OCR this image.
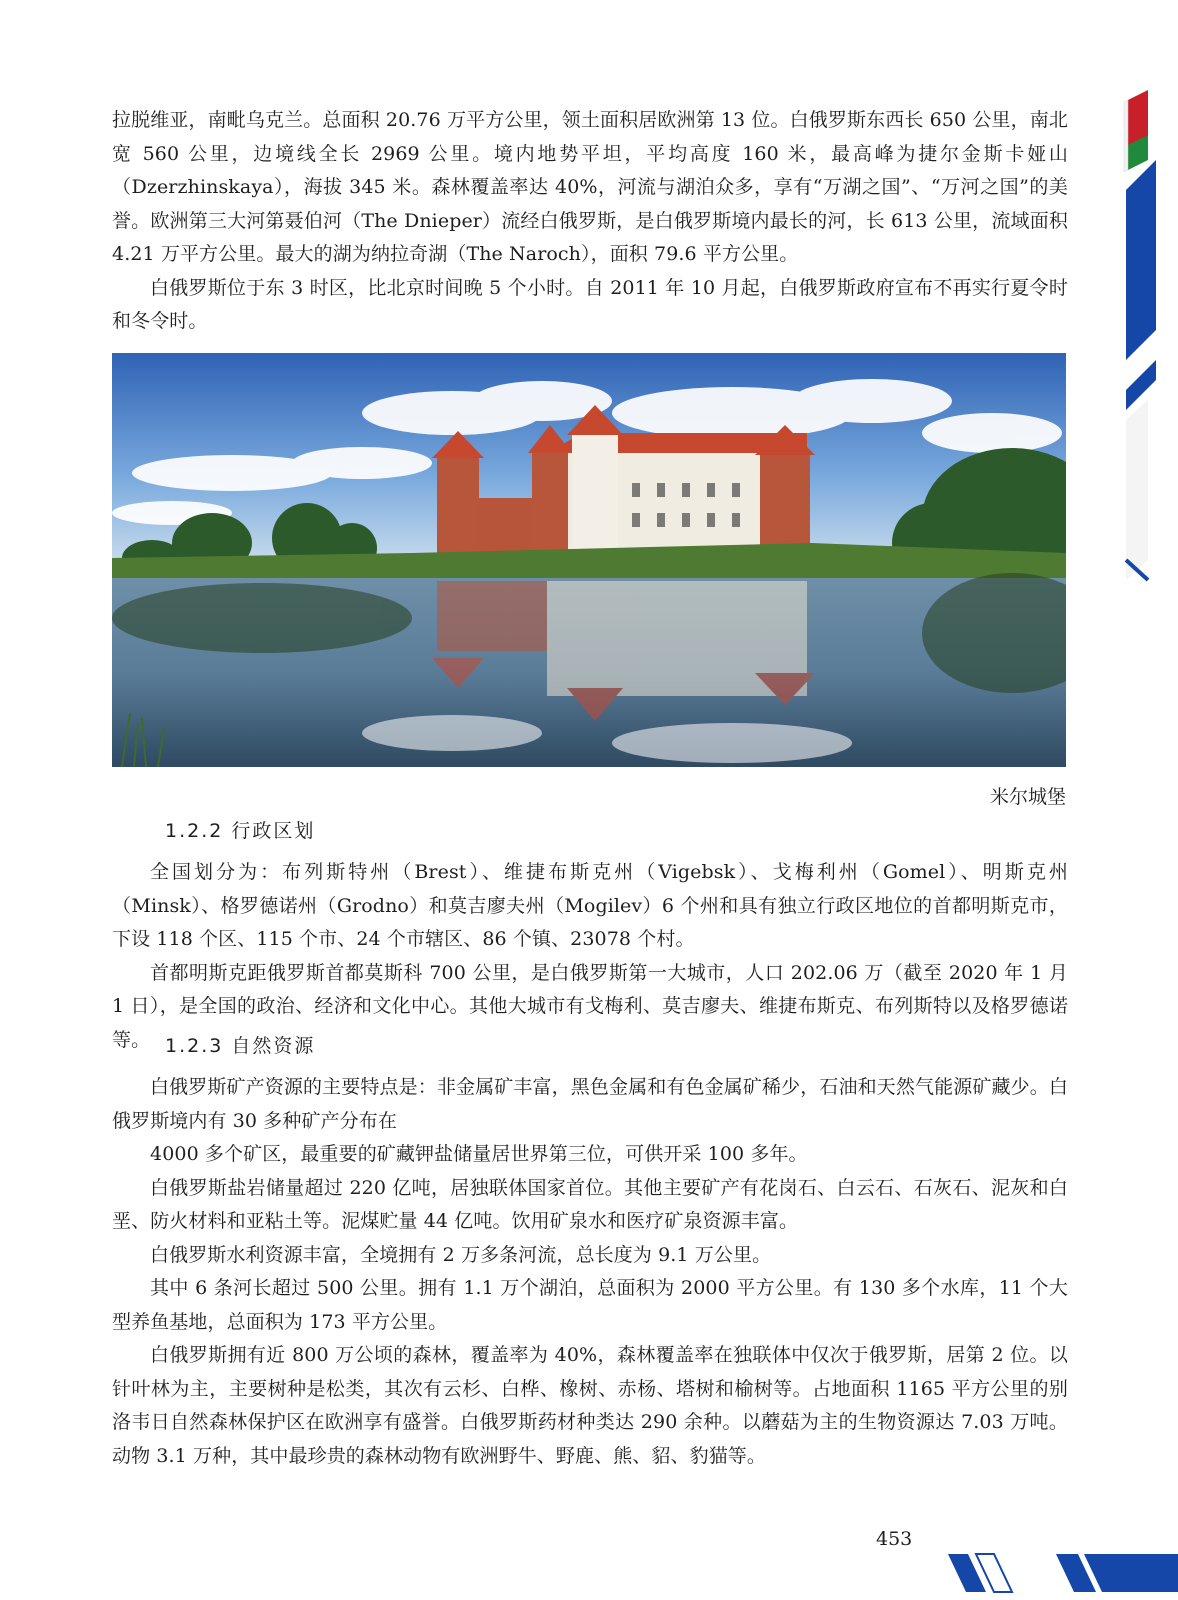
拉脱维亚，南毗乌克兰。总面积 20.76 万平方公里，领土面积居欧洲第 13 位。白俄罗斯东西长 650 公里，南北宽 560 公里，边境线全长 2969 公里。境内地势平坦，平均高度 160 米，最高峰为捷尔金斯卡娅山（Dzerzhinskaya），海拔 345 米。森林覆盖率达 40%，河流与湖泊众多，享有“万湖之国”、“万河之国”的美誉。欧洲第三大河第聂伯河（The Dnieper）流经白俄罗斯，是白俄罗斯境内最长的河，长 613 公里，流域面积 4.21 万平方公里。最大的湖为纳拉奇湖（The Naroch），面积 79.6 平方公里。

白俄罗斯位于东 3 时区，比北京时间晚 5 个小时。自 2011 年 10 月起，白俄罗斯政府宣布不再实行夏令时和冬令时。

米尔城堡
1.2.2 行政区划

全国划分为：布列斯特州（Brest）、维捷布斯克州（Vigebsk）、戈梅利州（Gomel）、明斯克州（Minsk）、格罗德诺州（Grodno）和莫吉廖夫州（Mogilev）6 个州和具有独立行政区地位的首都明斯克市，下设 118 个区、115 个市、24 个市辖区、86 个镇、23078 个村。

首都明斯克距俄罗斯首都莫斯科 700 公里，是白俄罗斯第一大城市，人口 202.06 万（截至 2020 年 1 月 1 日），是全国的政治、经济和文化中心。其他大城市有戈梅利、莫吉廖夫、维捷布斯克、布列斯特以及格罗德诺等。 1.2.3 自然资源

白俄罗斯矿产资源的主要特点是：非金属矿丰富，黑色金属和有色金属矿稀少，石油和天然气能源矿藏少。白俄罗斯境内有 30 多种矿产分布在

4000 多个矿区，最重要的矿藏钾盐储量居世界第三位，可供开采 100 多年。

白俄罗斯盐岩储量超过 220 亿吨，居独联体国家首位。其他主要矿产有花岗石、白云石、石灰石、泥灰和白垩、防火材料和亚粘土等。泥煤贮量 44 亿吨。饮用矿泉水和医疗矿泉资源丰富。

白俄罗斯水利资源丰富，全境拥有 2 万多条河流，总长度为 9.1 万公里。

其中 6 条河长超过 500 公里。拥有 1.1 万个湖泊，总面积为 2000 平方公里。有 130 多个水库，11 个大型养鱼基地，总面积为 173 平方公里。

白俄罗斯拥有近 800 万公顷的森林，覆盖率为 40%，森林覆盖率在独联体中仅次于俄罗斯，居第 2 位。以针叶林为主，主要树种是松类，其次有云杉、白桦、橡树、赤杨、塔树和榆树等。占地面积 1165 平方公里的别洛韦日自然森林保护区在欧洲享有盛誉。白俄罗斯药材种类达 290 余种。以蘑菇为主的生物资源达 7.03 万吨。动物 3.1 万种，其中最珍贵的森林动物有欧洲野牛、野鹿、熊、貂、豹猫等。

453
